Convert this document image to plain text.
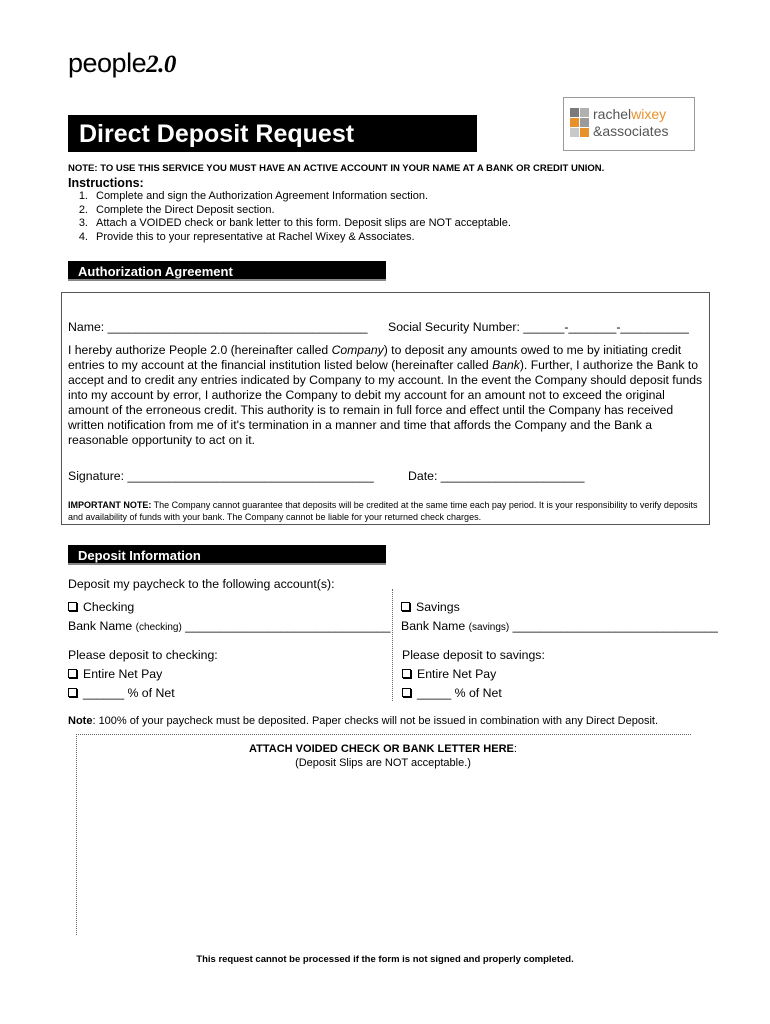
people2.0
Direct Deposit Request
rachelwixey
&associates
NOTE: TO USE THIS SERVICE YOU MUST HAVE AN ACTIVE ACCOUNT IN YOUR NAME AT A BANK OR CREDIT UNION.
Instructions:
1. Complete and sign the Authorization Agreement Information section.
2. Complete the Direct Deposit section.
3. Attach a VOIDED check or bank letter to this form. Deposit slips are NOT acceptable.
4. Provide this to your representative at Rachel Wixey & Associates.
Authorization Agreement
Name: ______________________________________ Social Security Number: ______-_______-__________
I hereby authorize People 2.0 (hereinafter called Company) to deposit any amounts owed to me by initiating credit entries to my account at the financial institution listed below (hereinafter called Bank). Further, I authorize the Bank to accept and to credit any entries indicated by Company to my account. In the event the Company should deposit funds into my account by error, I authorize the Company to debit my account for an amount not to exceed the original amount of the erroneous credit. This authority is to remain in full force and effect until the Company has received written notification from me of it's termination in a manner and time that affords the Company and the Bank a reasonable opportunity to act on it.
Signature: ____________________________________	Date: _____________________
IMPORTANT NOTE: The Company cannot guarantee that deposits will be credited at the same time each pay period. It is your responsibility to verify deposits and availability of funds with your bank. The Company cannot be liable for your returned check charges.
Deposit Information
Deposit my paycheck to the following account(s):
Checking
Bank Name (checking) ______________________________
Please deposit to checking:
Entire Net Pay
______ % of Net
Savings
Bank Name (savings) ______________________________
Please deposit to savings:
Entire Net Pay
_____ % of Net
Note: 100% of your paycheck must be deposited. Paper checks will not be issued in combination with any Direct Deposit.
ATTACH VOIDED CHECK OR BANK LETTER HERE:
(Deposit Slips are NOT acceptable.)
This request cannot be processed if the form is not signed and properly completed.
